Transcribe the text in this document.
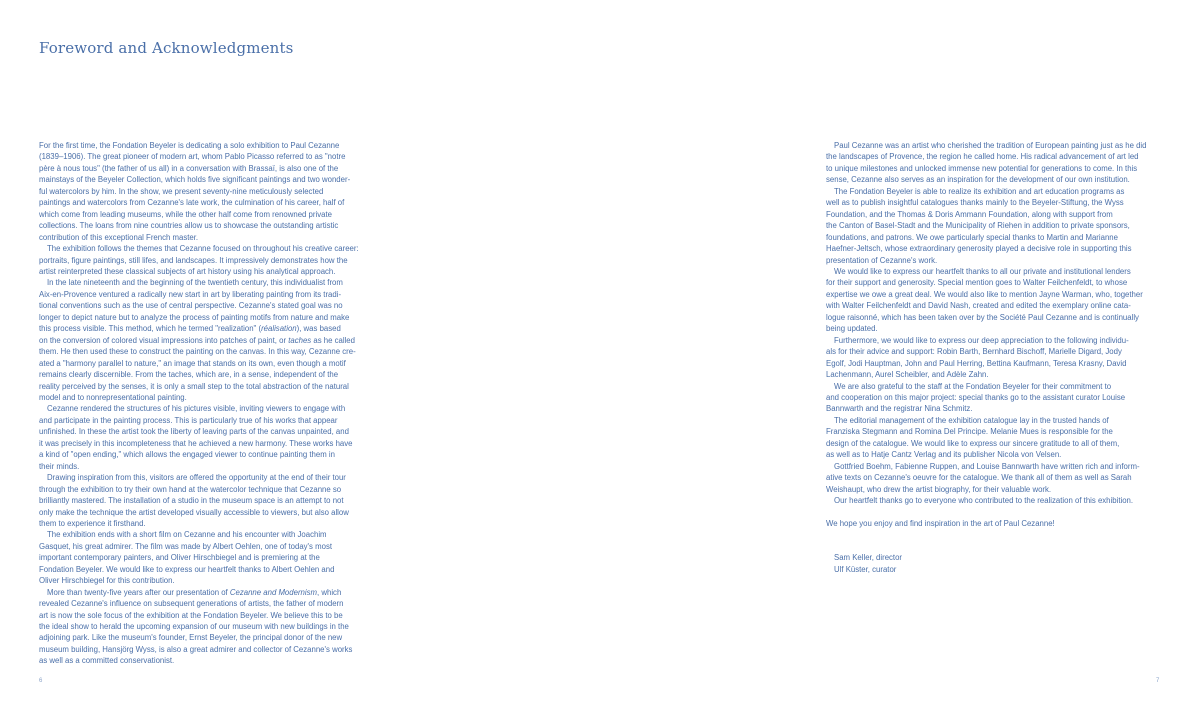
Foreword and Acknowledgments
For the first time, the Fondation Beyeler is dedicating a solo exhibition to Paul Cezanne
(1839–1906). The great pioneer of modern art, whom Pablo Picasso referred to as "notre
père à nous tous" (the father of us all) in a conversation with Brassaï, is also one of the
mainstays of the Beyeler Collection, which holds five significant paintings and two wonder-
ful watercolors by him. In the show, we present seventy-nine meticulously selected
paintings and watercolors from Cezanne's late work, the culmination of his career, half of
which come from leading museums, while the other half come from renowned private
collections. The loans from nine countries allow us to showcase the outstanding artistic
contribution of this exceptional French master.
The exhibition follows the themes that Cezanne focused on throughout his creative career:
portraits, figure paintings, still lifes, and landscapes. It impressively demonstrates how the
artist reinterpreted these classical subjects of art history using his analytical approach.
In the late nineteenth and the beginning of the twentieth century, this individualist from
Aix-en-Provence ventured a radically new start in art by liberating painting from its tradi-
tional conventions such as the use of central perspective. Cezanne's stated goal was no
longer to depict nature but to analyze the process of painting motifs from nature and make
this process visible. This method, which he termed "realization" (réalisation), was based
on the conversion of colored visual impressions into patches of paint, or taches as he called
them. He then used these to construct the painting on the canvas. In this way, Cezanne cre-
ated a "harmony parallel to nature," an image that stands on its own, even though a motif
remains clearly discernible. From the taches, which are, in a sense, independent of the
reality perceived by the senses, it is only a small step to the total abstraction of the natural
model and to nonrepresentational painting.
Cezanne rendered the structures of his pictures visible, inviting viewers to engage with
and participate in the painting process. This is particularly true of his works that appear
unfinished. In these the artist took the liberty of leaving parts of the canvas unpainted, and
it was precisely in this incompleteness that he achieved a new harmony. These works have
a kind of "open ending," which allows the engaged viewer to continue painting them in
their minds.
Drawing inspiration from this, visitors are offered the opportunity at the end of their tour
through the exhibition to try their own hand at the watercolor technique that Cezanne so
brilliantly mastered. The installation of a studio in the museum space is an attempt to not
only make the technique the artist developed visually accessible to viewers, but also allow
them to experience it firsthand.
The exhibition ends with a short film on Cezanne and his encounter with Joachim
Gasquet, his great admirer. The film was made by Albert Oehlen, one of today's most
important contemporary painters, and Oliver Hirschbiegel and is premiering at the
Fondation Beyeler. We would like to express our heartfelt thanks to Albert Oehlen and
Oliver Hirschbiegel for this contribution.
More than twenty-five years after our presentation of Cezanne and Modernism, which
revealed Cezanne's influence on subsequent generations of artists, the father of modern
art is now the sole focus of the exhibition at the Fondation Beyeler. We believe this to be
the ideal show to herald the upcoming expansion of our museum with new buildings in the
adjoining park. Like the museum's founder, Ernst Beyeler, the principal donor of the new
museum building, Hansjörg Wyss, is also a great admirer and collector of Cezanne's works
as well as a committed conservationist.
Paul Cezanne was an artist who cherished the tradition of European painting just as he did
the landscapes of Provence, the region he called home. His radical advancement of art led
to unique milestones and unlocked immense new potential for generations to come. In this
sense, Cezanne also serves as an inspiration for the development of our own institution.
The Fondation Beyeler is able to realize its exhibition and art education programs as
well as to publish insightful catalogues thanks mainly to the Beyeler-Stiftung, the Wyss
Foundation, and the Thomas & Doris Ammann Foundation, along with support from
the Canton of Basel-Stadt and the Municipality of Riehen in addition to private sponsors,
foundations, and patrons. We owe particularly special thanks to Martin and Marianne
Haefner-Jeltsch, whose extraordinary generosity played a decisive role in supporting this
presentation of Cezanne's work.
We would like to express our heartfelt thanks to all our private and institutional lenders
for their support and generosity. Special mention goes to Walter Feilchenfeldt, to whose
expertise we owe a great deal. We would also like to mention Jayne Warman, who, together
with Walter Feilchenfeldt and David Nash, created and edited the exemplary online cata-
logue raisonné, which has been taken over by the Société Paul Cezanne and is continually
being updated.
Furthermore, we would like to express our deep appreciation to the following individu-
als for their advice and support: Robin Barth, Bernhard Bischoff, Marielle Digard, Jody
Egolf, Jodi Hauptman, John and Paul Herring, Bettina Kaufmann, Teresa Krasny, David
Lachenmann, Aurel Scheibler, and Adèle Zahn.
We are also grateful to the staff at the Fondation Beyeler for their commitment to
and cooperation on this major project: special thanks go to the assistant curator Louise
Bannwarth and the registrar Nina Schmitz.
The editorial management of the exhibition catalogue lay in the trusted hands of
Franziska Stegmann and Romina Del Principe. Melanie Mues is responsible for the
design of the catalogue. We would like to express our sincere gratitude to all of them,
as well as to Hatje Cantz Verlag and its publisher Nicola von Velsen.
Gottfried Boehm, Fabienne Ruppen, and Louise Bannwarth have written rich and inform-
ative texts on Cezanne's oeuvre for the catalogue. We thank all of them as well as Sarah
Weishaupt, who drew the artist biography, for their valuable work.
Our heartfelt thanks go to everyone who contributed to the realization of this exhibition.
We hope you enjoy and find inspiration in the art of Paul Cezanne!
Sam Keller, director
Ulf Küster, curator
6	7
